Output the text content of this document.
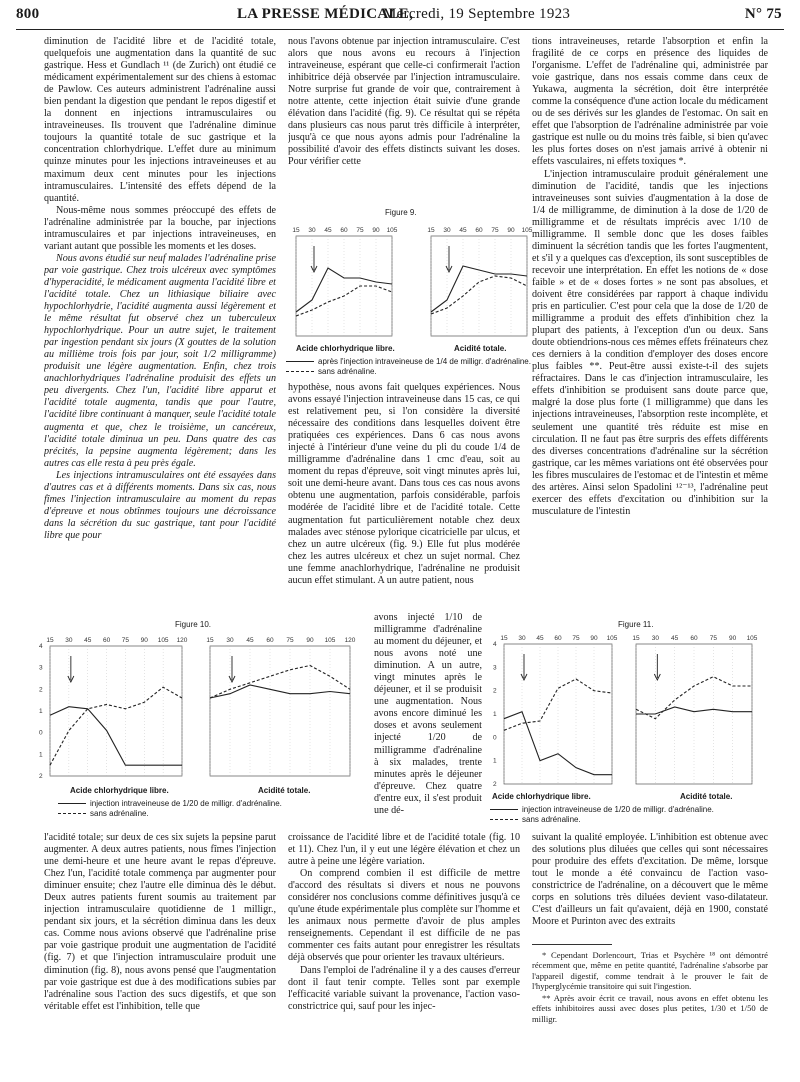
800	LA PRESSE MÉDICALE,
Mercredi, 19 Septembre 1923	N° 75

diminution de l'acidité libre et de l'acidité totale, quelquefois une augmentation dans la quantité de suc gastrique. Hess et Gundlach ¹¹ (de Zurich) ont étudié ce médicament expérimentalement sur des chiens à estomac de Pawlow. Ces auteurs administrent l'adrénaline aussi bien pendant la digestion que pendant le repos digestif et la donnent en injections intramusculaires ou intraveineuses. Ils trouvent que l'adrénaline diminue toujours la quantité totale de suc gastrique et la concentration chlorhydrique. L'effet dure au minimum quinze minutes pour les injections intraveineuses et au maximum deux cent minutes pour les injections intramusculaires. L'intensité des effets dépend de la quantité.

Nous-même nous sommes préoccupé des effets de l'adrénaline administrée par la bouche, par injections intramusculaires et par injections intraveineuses, en variant autant que possible les moments et les doses.

Nous avons étudié sur neuf malades l'adrénaline prise par voie gastrique. Chez trois ulcéreux avec symptômes d'hyperacidité, le médicament augmenta l'acidité libre et l'acidité totale. Chez un lithiasique biliaire avec hypochlorhydrie, l'acidité augmenta aussi légèrement et le même résultat fut observé chez un tuberculeux hypochlorhydrique. Pour un autre sujet, le traitement par ingestion pendant six jours (X gouttes de la solution au millième trois fois par jour, soit 1/2 milligramme) produisit une légère augmentation. Enfin, chez trois anachlorhydriques l'adrénaline produisit des effets un peu divergents. Chez l'un, l'acidité libre apparut et l'acidité totale augmenta, tandis que pour l'autre, l'acidité libre continuant à manquer, seule l'acidité totale augmenta et que, chez le troisième, un cancéreux, l'acidité totale diminua un peu. Dans quatre des cas précités, la pepsine augmenta légèrement; dans les autres cas elle resta à peu près égale.

Les injections intramusculaires ont été essayées dans d'autres cas et à différents moments. Dans six cas, nous fîmes l'injection intramusculaire au moment du repas d'épreuve et nous obtînmes toujours une décroissance dans la sécrétion du suc gastrique, tant pour l'acidité libre que pour

nous l'avons obtenue par injection intramusculaire. C'est alors que nous avons eu recours à l'injection intraveineuse, espérant que celle-ci confirmerait l'action inhibitrice déjà observée par l'injection intramusculaire. Notre surprise fut grande de voir que, contrairement à notre attente, cette injection était suivie d'une grande élévation dans l'acidité (fig. 9). Ce résultat qui se répéta dans plusieurs cas nous parut très difficile à interpréter, jusqu'à ce que nous ayons admis pour l'adrénaline la possibilité d'avoir des effets distincts suivant les doses. Pour vérifier cette

Figure 9.
15 30 45 60 75 90 105	15 30 45 60 75 90 105
Acide chlorhydrique libre.	Acidité totale.
après l'injection intraveineuse de 1/4 de milligr. d'adrénaline.
sans adrénaline.

hypothèse, nous avons fait quelques expériences. Nous avons essayé l'injection intraveineuse dans 15 cas, ce qui est relativement peu, si l'on considère la diversité nécessaire des conditions dans lesquelles doivent être pratiquées ces expériences. Dans 6 cas nous avons injecté à l'intérieur d'une veine du pli du coude 1/4 de milligramme d'adrénaline dans 1 cmc d'eau, soit au moment du repas d'épreuve, soit vingt minutes après lui, soit une demi-heure avant. Dans tous ces cas nous avons obtenu une augmentation, parfois considérable, parfois modérée de l'acidité libre et de l'acidité totale. Cette augmentation fut particulièrement notable chez deux malades avec sténose pylorique cicatricielle par ulcus, et chez un autre ulcéreux (fig. 9.) Elle fut plus modérée chez les autres ulcéreux et chez un sujet normal. Chez une femme anachlorhydrique, l'adrénaline ne produisit aucun effet stimulant. A un autre patient, nous

tions intraveineuses, retarde l'absorption et enfin la fragilité de ce corps en présence des liquides de l'organisme. L'effet de l'adrénaline qui, administrée par voie gastrique, dans nos essais comme dans ceux de Yukawa, augmenta la sécrétion, doit être interprétée comme la conséquence d'une action locale du médicament ou de ses dérivés sur les glandes de l'estomac. On sait en effet que l'absorption de l'adrénaline administrée par voie gastrique est nulle ou du moins très faible, si bien qu'avec les plus fortes doses on n'est jamais arrivé à obtenir ni effets vasculaires, ni effets toxiques *.

L'injection intramusculaire produit généralement une diminution de l'acidité, tandis que les injections intraveineuses sont suivies d'augmentation à la dose de 1/4 de milligramme, de diminution à la dose de 1/20 de milligramme et de résultats imprécis avec 1/10 de milligramme. Il semble donc que les doses faibles diminuent la sécrétion tandis que les fortes l'augmentent, et s'il y a quelques cas d'exception, ils sont susceptibles de recevoir une interprétation. En effet les notions de « dose faible » et de « doses fortes » ne sont pas absolues, et doivent être considérées par rapport à chaque individu pris en particulier. C'est pour cela que la dose de 1/20 de milligramme a produit des effets d'inhibition chez la plupart des patients, à l'exception d'un ou deux. Sans doute obtiendrions-nous ces mêmes effets fréinateurs chez ces derniers à la condition d'employer des doses encore plus faibles **. Peut-être aussi existe-t-il des sujets réfractaires. Dans le cas d'injection intramusculaire, les effets d'inhibition se produisent sans doute parce que, malgré la dose plus forte (1 milligramme) que dans les injections intraveineuses, l'absorption reste incomplète, et seulement une quantité très réduite est mise en circulation. Il ne faut pas être surpris des effets différents des diverses concentrations d'adrénaline sur la sécrétion gastrique, car les mêmes variations ont été observées pour les fibres musculaires de l'estomac et de l'intestin et même des artères. Ainsi selon Spadolini ¹²⁻¹³, l'adrénaline peut exercer des effets d'excitation ou d'inhibition sur la musculature de l'intestin

Figure 10.
15 30 45 60 75 90 105 120
4
3
2
1
0
1
2
15 30 45 60 75 90 105 120
Acide chlorhydrique libre.	Acidité totale.
injection intraveineuse de 1/20 de milligr. d'adrénaline.
sans adrénaline.

avons injecté 1/10 de milligramme d'adrénaline au moment du déjeuner, et nous avons noté une diminution. A un autre, vingt minutes après le déjeuner, et il se produisit une augmentation. Nous avons encore diminué les doses et avons seulement injecté 1/20 de milligramme d'adrénaline à six malades, trente minutes après le déjeuner d'épreuve. Chez quatre d'entre eux, il s'est produit une dé-

Figure 11.
15 30 45 60 75 90 105
4
3
2
1
0
1
2
15 30 45 60 75 90 105
Acide chlorhydrique libre.	Acidité totale.
injection intraveineuse de 1/20 de milligr. d'adrénaline.
sans adrénaline.

l'acidité totale; sur deux de ces six sujets la pepsine parut augmenter. A deux autres patients, nous fîmes l'injection une demi-heure et une heure avant le repas d'épreuve. Chez l'un, l'acidité totale commença par augmenter pour diminuer ensuite; chez l'autre elle diminua dès le début. Deux autres patients furent soumis au traitement par injection intramusculaire quotidienne de 1 milligr., pendant six jours, et la sécrétion diminua dans les deux cas. Comme nous avions observé que l'adrénaline prise par voie gastrique produit une augmentation de l'acidité (fig. 7) et que l'injection intramusculaire produit une diminution (fig. 8), nous avons pensé que l'augmentation par voie gastrique est due à des modifications subies par l'adrénaline sous l'action des sucs digestifs, et que son véritable effet est l'inhibition, telle que

croissance de l'acidité libre et de l'acidité totale (fig. 10 et 11). Chez l'un, il y eut une légère élévation et chez un autre à peine une légère variation.

On comprend combien il est difficile de mettre d'accord des résultats si divers et nous ne pouvons considérer nos conclusions comme définitives jusqu'à ce qu'une étude expérimentale plus complète sur l'homme et les animaux nous permette d'avoir de plus amples renseignements. Cependant il est difficile de ne pas commenter ces faits autant pour enregistrer les résultats déjà observés que pour orienter les travaux ultérieurs.

Dans l'emploi de l'adrénaline il y a des causes d'erreur dont il faut tenir compte. Telles sont par exemple l'efficacité variable suivant la provenance, l'action vaso-constrictrice qui, sauf pour les injec-

suivant la qualité employée. L'inhibition est obtenue avec des solutions plus diluées que celles qui sont nécessaires pour produire des effets d'excitation. De même, lorsque tout le monde a été convaincu de l'action vaso-constrictrice de l'adrénaline, on a découvert que le même corps en solutions très diluées devient vaso-dilatateur. C'est d'ailleurs un fait qu'avaient, déjà en 1900, constaté Moore et Purinton avec des extraits

* Cependant Dorlencourt, Trias et Psychère ¹⁸ ont démontré récemment que, même en petite quantité, l'adrénaline s'absorbe par l'appareil digestif, comme tendrait à le prouver le fait de l'hyperglycémie transitoire qui suit l'ingestion.

** Après avoir écrit ce travail, nous avons en effet obtenu les effets inhibitoires aussi avec doses plus petites, 1/30 et 1/50 de milligr.
